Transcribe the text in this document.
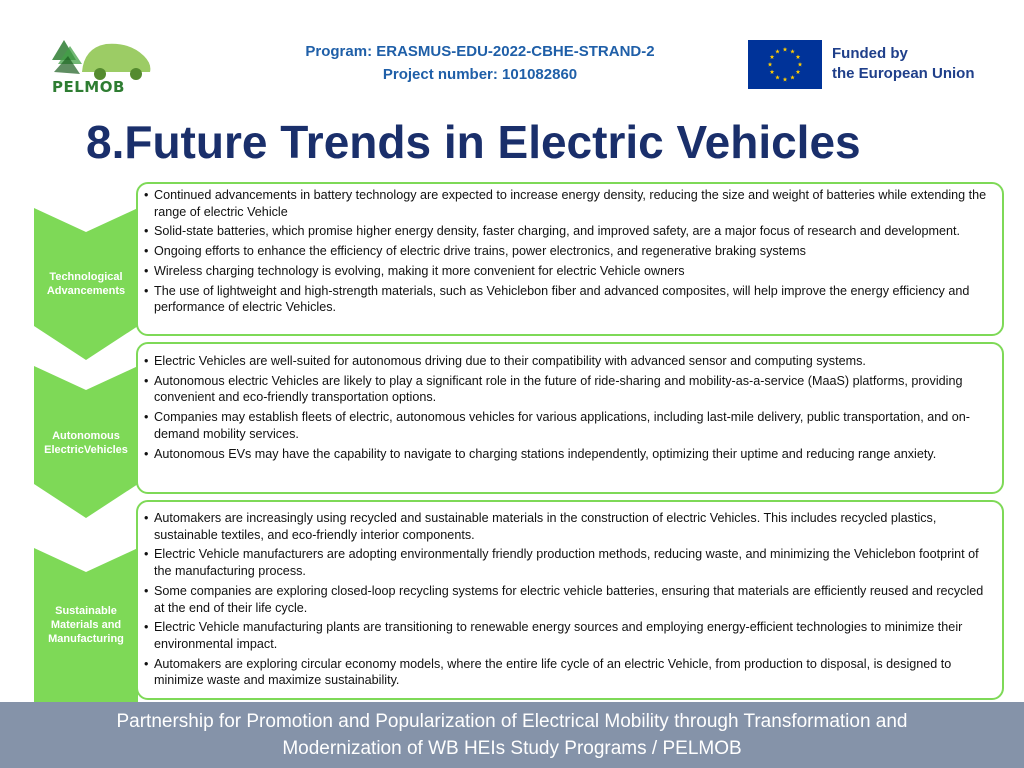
PELMOB
Program: ERASMUS-EDU-2022-CBHE-STRAND-2
Project number: 101082860
Funded by
the European Union
8.Future Trends in Electric Vehicles
Technological
Advancements
• Continued advancements in battery technology are expected to increase energy density, reducing the size and weight of batteries while extending the range of electric Vehicle
• Solid-state batteries, which promise higher energy density, faster charging, and improved safety, are a major focus of research and development.
• Ongoing efforts to enhance the efficiency of electric drive trains, power electronics, and regenerative braking systems
• Wireless charging technology is evolving, making it more convenient for electric Vehicle owners
• The use of lightweight and high-strength materials, such as Vehiclebon fiber and advanced composites, will help improve the energy efficiency and performance of electric Vehicles.
Autonomous
ElectricVehicles
• Electric Vehicles are well-suited for autonomous driving due to their compatibility with advanced sensor and computing systems.
• Autonomous electric Vehicles are likely to play a significant role in the future of ride-sharing and mobility-as-a-service (MaaS) platforms, providing convenient and eco-friendly transportation options.
• Companies may establish fleets of electric, autonomous vehicles for various applications, including last-mile delivery, public transportation, and on-demand mobility services.
• Autonomous EVs may have the capability to navigate to charging stations independently, optimizing their uptime and reducing range anxiety.
Sustainable
Materials and
Manufacturing
• Automakers are increasingly using recycled and sustainable materials in the construction of electric Vehicles. This includes recycled plastics, sustainable textiles, and eco-friendly interior components.
• Electric Vehicle manufacturers are adopting environmentally friendly production methods, reducing waste, and minimizing the Vehiclebon footprint of the manufacturing process.
• Some companies are exploring closed-loop recycling systems for electric vehicle batteries, ensuring that materials are efficiently reused and recycled at the end of their life cycle.
• Electric Vehicle manufacturing plants are transitioning to renewable energy sources and employing energy-efficient technologies to minimize their environmental impact.
• Automakers are exploring circular economy models, where the entire life cycle of an electric Vehicle, from production to disposal, is designed to minimize waste and maximize sustainability.
Partnership for Promotion and Popularization of Electrical Mobility through Transformation and
Modernization of WB HEIs Study Programs / PELMOB
